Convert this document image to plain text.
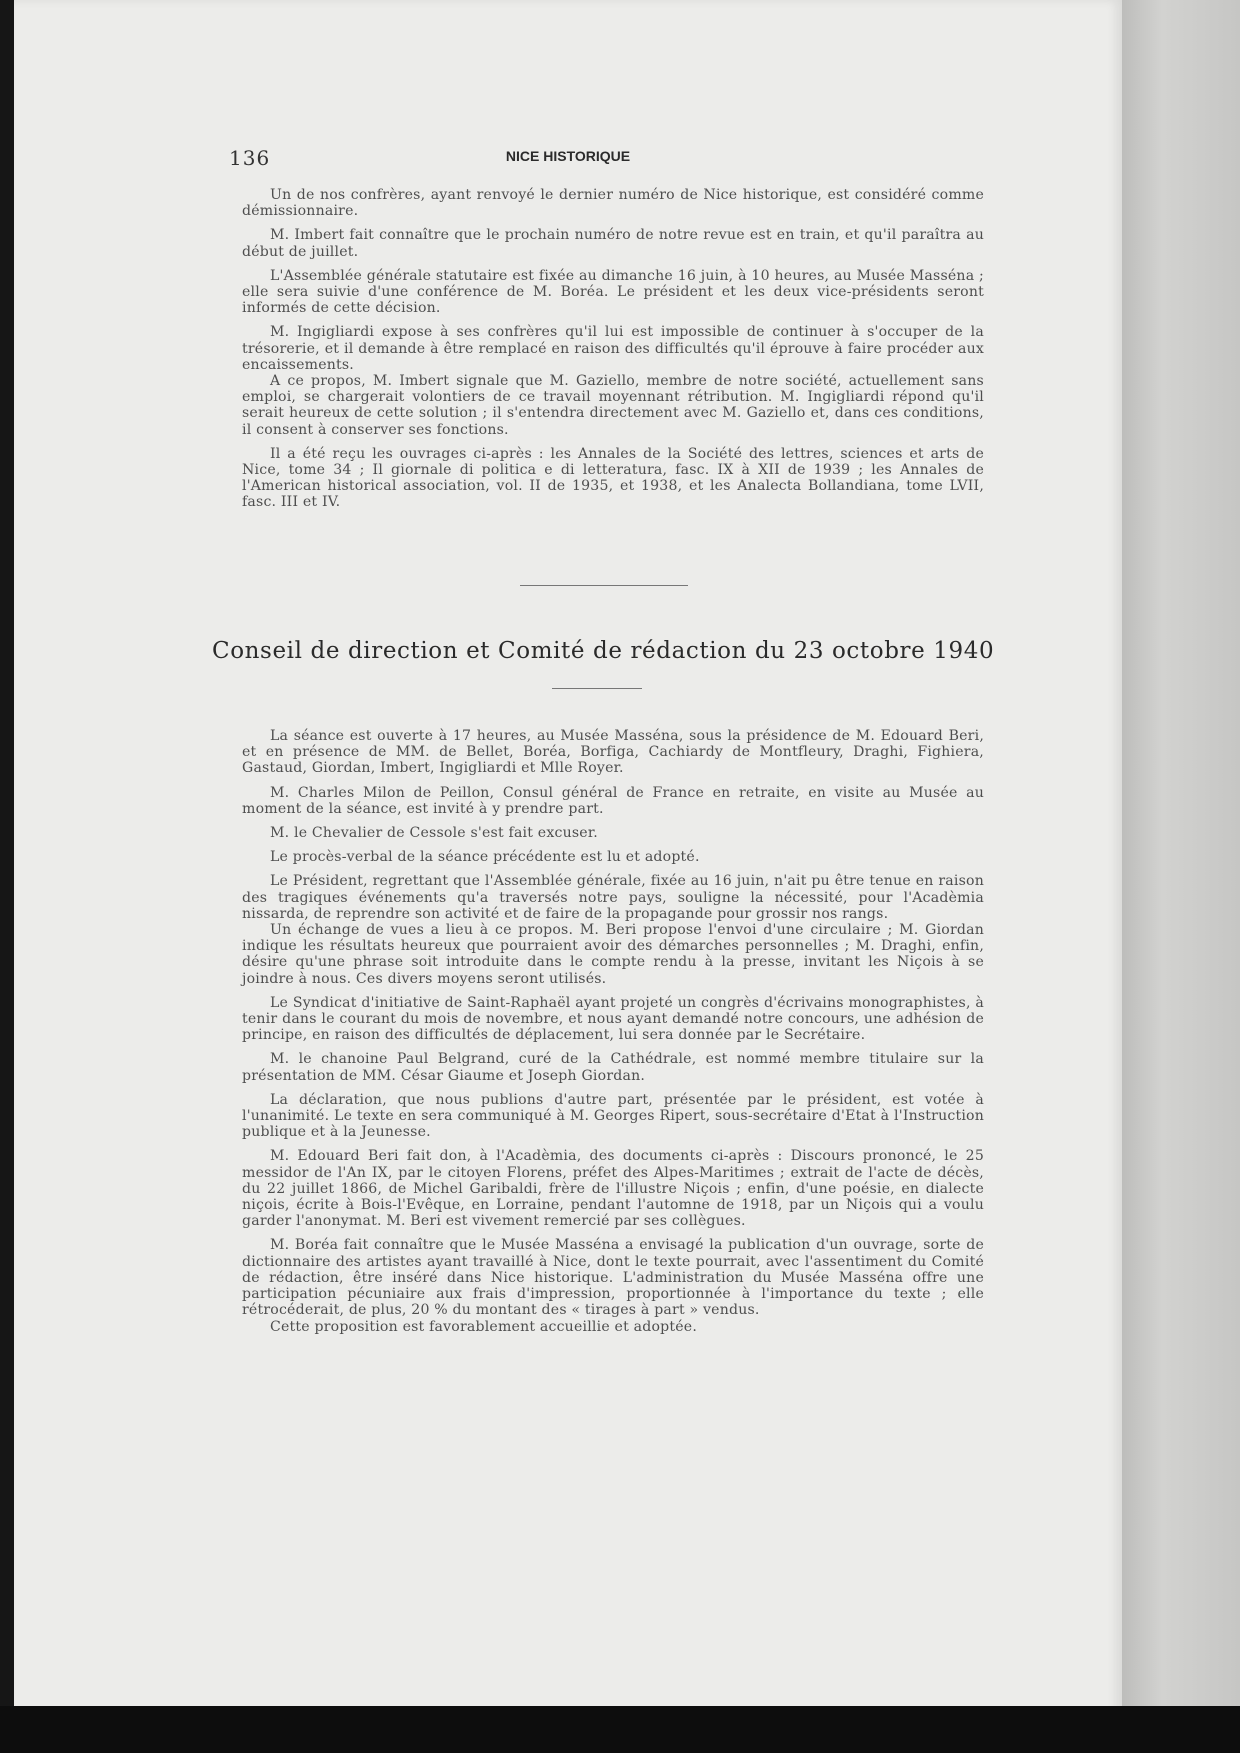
136	NICE HISTORIQUE

Un de nos confrères, ayant renvoyé le dernier numéro de Nice historique, est considéré comme démissionnaire.

M. Imbert fait connaître que le prochain numéro de notre revue est en train, et qu'il paraîtra au début de juillet.

L'Assemblée générale statutaire est fixée au dimanche 16 juin, à 10 heures, au Musée Masséna ; elle sera suivie d'une conférence de M. Boréa. Le président et les deux vice-présidents seront informés de cette décision.

M. Ingigliardi expose à ses confrères qu'il lui est impossible de continuer à s'occuper de la trésorerie, et il demande à être remplacé en raison des difficultés qu'il éprouve à faire procéder aux encaissements.

A ce propos, M. Imbert signale que M. Gaziello, membre de notre société, actuellement sans emploi, se chargerait volontiers de ce travail moyennant rétribution. M. Ingigliardi répond qu'il serait heureux de cette solution ; il s'entendra directement avec M. Gaziello et, dans ces conditions, il consent à conserver ses fonctions.

Il a été reçu les ouvrages ci-après : les Annales de la Société des lettres, sciences et arts de Nice, tome 34 ; Il giornale di politica e di letteratura, fasc. IX à XII de 1939 ; les Annales de l'American historical association, vol. II de 1935, et 1938, et les Analecta Bollandiana, tome LVII, fasc. III et IV.

Conseil de direction et Comité de rédaction du 23 octobre 1940

La séance est ouverte à 17 heures, au Musée Masséna, sous la présidence de M. Edouard Beri, et en présence de MM. de Bellet, Boréa, Borfiga, Cachiardy de Montfleury, Draghi, Fighiera, Gastaud, Giordan, Imbert, Ingigliardi et Mlle Royer.

M. Charles Milon de Peillon, Consul général de France en retraite, en visite au Musée au moment de la séance, est invité à y prendre part.

M. le Chevalier de Cessole s'est fait excuser.

Le procès-verbal de la séance précédente est lu et adopté.

Le Président, regrettant que l'Assemblée générale, fixée au 16 juin, n'ait pu être tenue en raison des tragiques événements qu'a traversés notre pays, souligne la nécessité, pour l'Acadèmia nissarda, de reprendre son activité et de faire de la propagande pour grossir nos rangs.

Un échange de vues a lieu à ce propos. M. Beri propose l'envoi d'une circulaire ; M. Giordan indique les résultats heureux que pourraient avoir des démarches personnelles ; M. Draghi, enfin, désire qu'une phrase soit introduite dans le compte rendu à la presse, invitant les Niçois à se joindre à nous. Ces divers moyens seront utilisés.

Le Syndicat d'initiative de Saint-Raphaël ayant projeté un congrès d'écrivains monographistes, à tenir dans le courant du mois de novembre, et nous ayant demandé notre concours, une adhésion de principe, en raison des difficultés de déplacement, lui sera donnée par le Secrétaire.

M. le chanoine Paul Belgrand, curé de la Cathédrale, est nommé membre titulaire sur la présentation de MM. César Giaume et Joseph Giordan.

La déclaration, que nous publions d'autre part, présentée par le président, est votée à l'unanimité. Le texte en sera communiqué à M. Georges Ripert, sous-secrétaire d'Etat à l'Instruction publique et à la Jeunesse.

M. Edouard Beri fait don, à l'Acadèmia, des documents ci-après : Discours prononcé, le 25 messidor de l'An IX, par le citoyen Florens, préfet des Alpes-Maritimes ; extrait de l'acte de décès, du 22 juillet 1866, de Michel Garibaldi, frère de l'illustre Niçois ; enfin, d'une poésie, en dialecte niçois, écrite à Bois-l'Evêque, en Lorraine, pendant l'automne de 1918, par un Niçois qui a voulu garder l'anonymat. M. Beri est vivement remercié par ses collègues.

M. Boréa fait connaître que le Musée Masséna a envisagé la publication d'un ouvrage, sorte de dictionnaire des artistes ayant travaillé à Nice, dont le texte pourrait, avec l'assentiment du Comité de rédaction, être inséré dans Nice historique. L'administration du Musée Masséna offre une participation pécuniaire aux frais d'impression, proportionnée à l'importance du texte ; elle rétrocéderait, de plus, 20 % du montant des « tirages à part » vendus.

Cette proposition est favorablement accueillie et adoptée.
